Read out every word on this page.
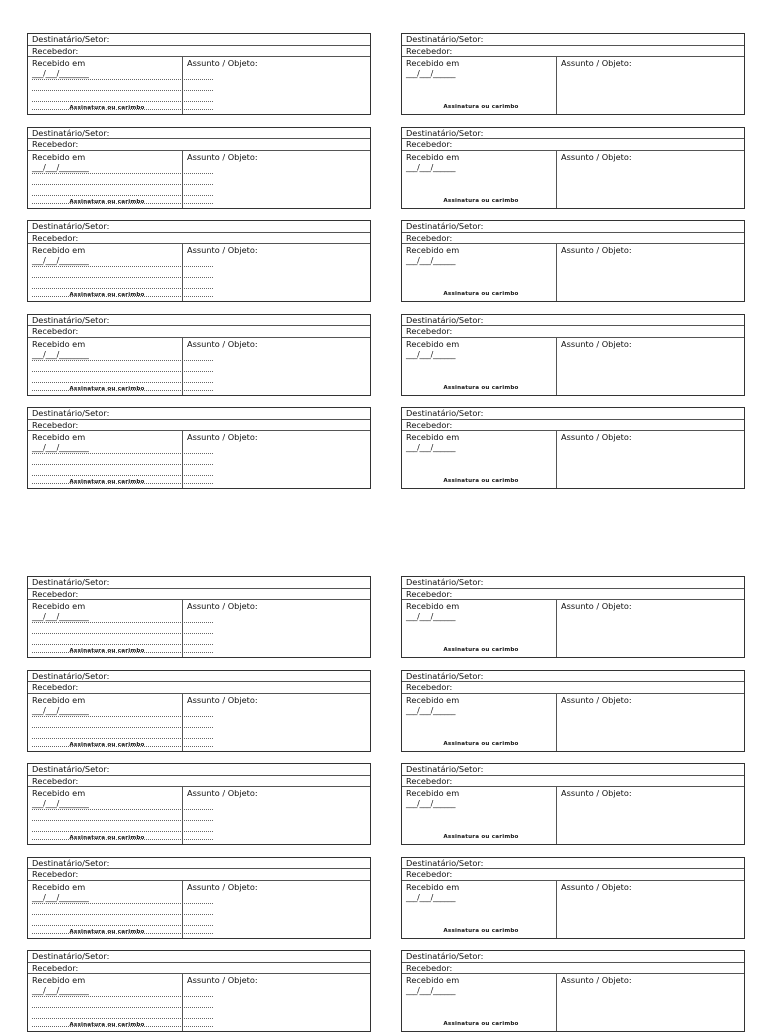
Destinatário/Setor:
Recebedor:
Recebido em
___/___/________
Assunto / Objeto:
Assinatura ou carimbo
Destinatário/Setor:
Recebedor:
Recebido em
___/___/______
Assunto / Objeto:
Assinatura ou carimbo
Destinatário/Setor:
Recebedor:
Recebido em
___/___/________
Assunto / Objeto:
Assinatura ou carimbo
Destinatário/Setor:
Recebedor:
Recebido em
___/___/______
Assunto / Objeto:
Assinatura ou carimbo
Destinatário/Setor:
Recebedor:
Recebido em
___/___/________
Assunto / Objeto:
Assinatura ou carimbo
Destinatário/Setor:
Recebedor:
Recebido em
___/___/______
Assunto / Objeto:
Assinatura ou carimbo
Destinatário/Setor:
Recebedor:
Recebido em
___/___/________
Assunto / Objeto:
Assinatura ou carimbo
Destinatário/Setor:
Recebedor:
Recebido em
___/___/______
Assunto / Objeto:
Assinatura ou carimbo
Destinatário/Setor:
Recebedor:
Recebido em
___/___/________
Assunto / Objeto:
Assinatura ou carimbo
Destinatário/Setor:
Recebedor:
Recebido em
___/___/______
Assunto / Objeto:
Assinatura ou carimbo
Destinatário/Setor:
Recebedor:
Recebido em
___/___/________
Assunto / Objeto:
Assinatura ou carimbo
Destinatário/Setor:
Recebedor:
Recebido em
___/___/______
Assunto / Objeto:
Assinatura ou carimbo
Destinatário/Setor:
Recebedor:
Recebido em
___/___/________
Assunto / Objeto:
Assinatura ou carimbo
Destinatário/Setor:
Recebedor:
Recebido em
___/___/______
Assunto / Objeto:
Assinatura ou carimbo
Destinatário/Setor:
Recebedor:
Recebido em
___/___/________
Assunto / Objeto:
Assinatura ou carimbo
Destinatário/Setor:
Recebedor:
Recebido em
___/___/______
Assunto / Objeto:
Assinatura ou carimbo
Destinatário/Setor:
Recebedor:
Recebido em
___/___/________
Assunto / Objeto:
Assinatura ou carimbo
Destinatário/Setor:
Recebedor:
Recebido em
___/___/______
Assunto / Objeto:
Assinatura ou carimbo
Destinatário/Setor:
Recebedor:
Recebido em
___/___/________
Assunto / Objeto:
Assinatura ou carimbo
Destinatário/Setor:
Recebedor:
Recebido em
___/___/______
Assunto / Objeto:
Assinatura ou carimbo
